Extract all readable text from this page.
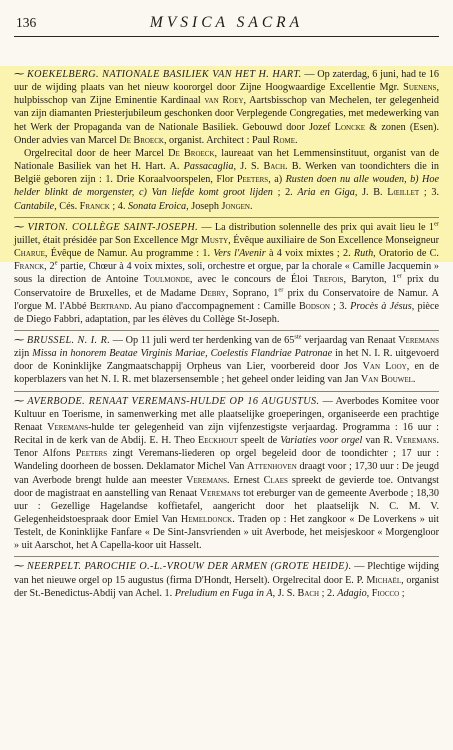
136	MVSICA SACRA

⁓ KOEKELBERG. NATIONALE BASILIEK VAN HET H. HART. — Op zaterdag, 6 juni, had te 16 uur de wijding plaats van het nieuw koororgel door Zijne Hoogwaardige Excellentie Mgr. Suenens, hulpbisschop van Zijne Eminentie Kardinaal van Roey, Aartsbisschop van Mechelen, ter gelegenheid van zijn diamanten Priesterjubileum geschonken door Verplegende Congregaties, met medewerking van het Werk der Propaganda van de Nationale Basiliek. Gebouwd door Jozef Loncke & zonen (Esen). Onder advies van Marcel De Broeck, organist. Architect : Paul Rome.

Orgelrecital door de heer Marcel De Broeck, laureaat van het Lemmensinstituut, organist van de Nationale Basiliek van het H. Hart. A. Passacaglia, J. S. Bach. B. Werken van toondichters die in België geboren zijn : 1. Drie Koraalvoorspelen, Flor Peeters, a) Rusten doen nu alle wouden, b) Hoe helder blinkt de morgenster, c) Van liefde komt groot lijden ; 2. Aria en Giga, J. B. Lœillet ; 3. Cantabile, Cés. Franck ; 4. Sonata Eroica, Joseph Jongen.

⁓ VIRTON. COLLÈGE SAINT-JOSEPH. — La distribution solennelle des prix qui avait lieu le 1er juillet, était présidée par Son Excellence Mgr Musty, Évêque auxiliaire de Son Excellence Monseigneur Charue, Évêque de Namur. Au programme : 1. Vers l'Avenir à 4 voix mixtes ; 2. Ruth, Oratorio de C. Franck, 2e partie, Chœur à 4 voix mixtes, soli, orchestre et orgue, par la chorale « Camille Jacquemin » sous la direction de Antoine Toulmonde, avec le concours de Éloi Trefois, Baryton, 1er prix du Conservatoire de Bruxelles, et de Madame Debry, Soprano, 1er prix du Conservatoire de Namur. A l'orgue M. l'Abbé Bertrand. Au piano d'accompagnement : Camille Bodson ; 3. Procès à Jésus, pièce de Diego Fabbri, adaptation, par les élèves du Collège St-Joseph.

⁓ BRUSSEL. N. I. R. — Op 11 juli werd ter herdenking van de 65ste verjaardag van Renaat Veremans zijn Missa in honorem Beatae Virginis Mariae, Coelestis Flandriae Patronae in het N. I. R. uitgevoerd door de Koninklijke Zangmaatschappij Orpheus van Lier, voorbereid door Jos Van Looy, en de koperblazers van het N. I. R. met blazersensemble ; het geheel onder leiding van Jan Van Bouwel.

⁓ AVERBODE. RENAAT VEREMANS-HULDE OP 16 AUGUSTUS. — Averbodes Komitee voor Kultuur en Toerisme, in samenwerking met alle plaatselijke groeperingen, organiseerde een prachtige Renaat Veremans-hulde ter gelegenheid van zijn vijfenzestigste verjaardag. Programma : 16 uur : Recital in de kerk van de Abdij. E. H. Theo Eeckhout speelt de Variaties voor orgel van R. Veremans. Tenor Alfons Peeters zingt Veremans-liederen op orgel begeleid door de toondichter ; 17 uur : Wandeling doorheen de bossen. Deklamator Michel Van Attenhoven draagt voor ; 17,30 uur : De jeugd van Averbode brengt hulde aan meester Veremans. Ernest Claes spreekt de gevierde toe. Ontvangst door de magistraat en aanstelling van Renaat Veremans tot ereburger van de gemeente Averbode ; 18,30 uur : Gezellige Hagelandse koffietafel, aangericht door het plaatselijk N. C. M. V. Gelegenheidstoespraak door Emiel Van Hemeldonck. Traden op : Het zangkoor « De Loverkens » uit Testelt, de Koninklijke Fanfare « De Sint-Jansvrienden » uit Averbode, het meisjeskoor « Morgengloor » uit Aarschot, het A Capella-koor uit Hasselt.

⁓ NEERPELT. PAROCHIE O.-L.-VROUW DER ARMEN (GROTE HEIDE). — Plechtige wijding van het nieuwe orgel op 15 augustus (firma D'Hondt, Herselt). Orgelrecital door E. P. Michaël, organist der St.-Benedictus-Abdij van Achel. 1. Preludium en Fuga in A, J. S. Bach ; 2. Adagio, Fiocco ;
